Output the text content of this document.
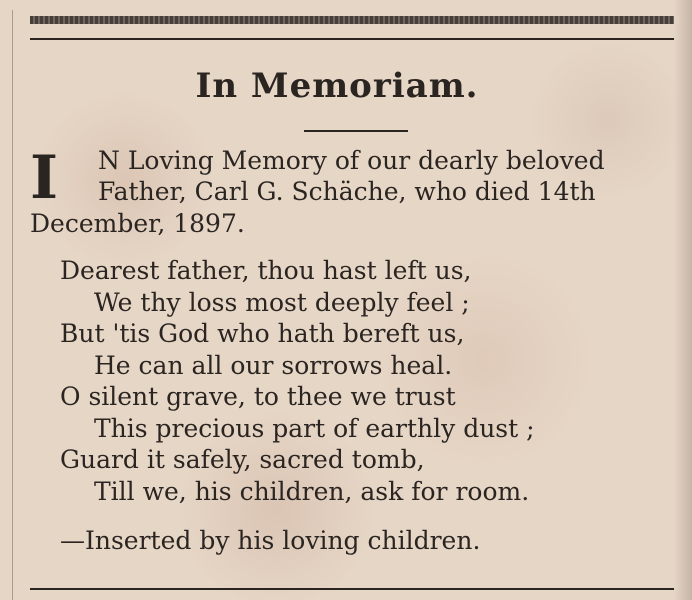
In Memoriam.
I N Loving Memory of our dearly beloved
Father, Carl G. Schäche, who died 14th
December, 1897.
Dearest father, thou hast left us,
We thy loss most deeply feel ;
But 'tis God who hath bereft us,
He can all our sorrows heal.
O silent grave, to thee we trust
This precious part of earthly dust ;
Guard it safely, sacred tomb,
Till we, his children, ask for room.
—Inserted by his loving children.
